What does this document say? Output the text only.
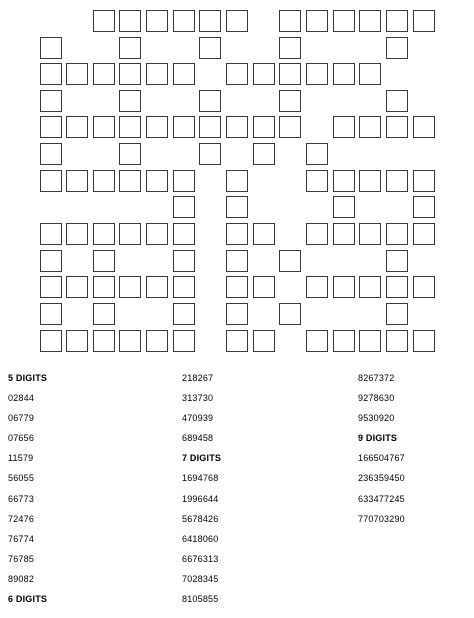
5 DIGITS
02844
06779
07656
11579
56055
66773
72476
76774
76785
89082
6 DIGITS
218267
313730
470939
689458
7 DIGITS
1694768
1996644
5678426
6418060
6676313
7028345
8105855
8267372
9278630
9530920
9 DIGITS
166504767
236359450
633477245
770703290
